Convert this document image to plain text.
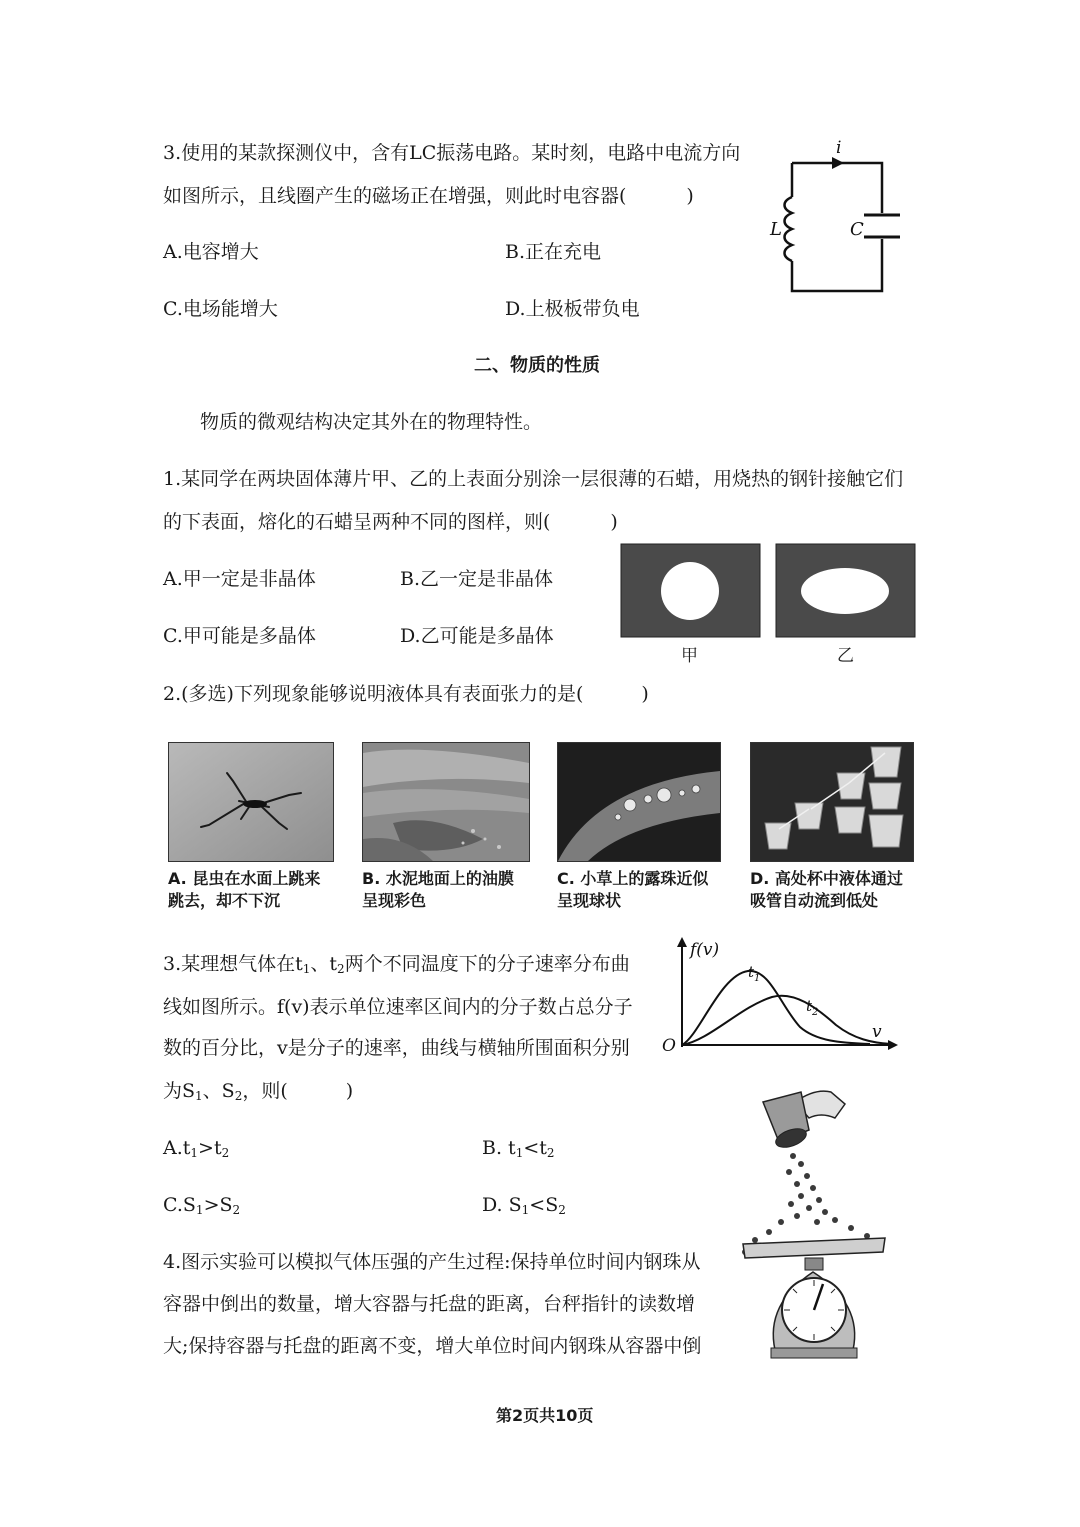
3.使用的某款探测仪中，含有LC振荡电路。某时刻，电路中电流方向
如图所示，且线圈产生的磁场正在增强，则此时电容器(	)
A.电容增大	B.正在充电
C.电场能增大	D.上极板带负电
i
L	C
二、物质的性质
物质的微观结构决定其外在的物理特性。
1.某同学在两块固体薄片甲、乙的上表面分别涂一层很薄的石蜡，用烧热的钢针接触它们
的下表面，熔化的石蜡呈两种不同的图样，则(	)
A.甲一定是非晶体	B.乙一定是非晶体
C.甲可能是多晶体	D.乙可能是多晶体
甲	乙
2.(多选)下列现象能够说明液体具有表面张力的是(	)
A. 昆虫在水面上跳来
跳去，却不下沉
B. 水泥地面上的油膜
呈现彩色
C. 小草上的露珠近似
呈现球状
D. 高处杯中液体通过
吸管自动流到低处
3.某理想气体在$t_1$、$t_2$两个不同温度下的分子速率分布曲
线如图所示。f(v)表示单位速率区间内的分子数占总分子
数的百分比，v是分子的速率，曲线与横轴所围面积分别
为$S_1$、$S_2$，则(	)
$A.t_1>t_2$	B. $t_1<t_2$
$C.S_1>S_2$	D. $S_1<S_2$
f(v)
v
O
$t_1$
$t_2$
4.图示实验可以模拟气体压强的产生过程:保持单位时间内钢珠从
容器中倒出的数量，增大容器与托盘的距离，台秤指针的读数增
大;保持容器与托盘的距离不变，增大单位时间内钢珠从容器中倒
第2页共10页
